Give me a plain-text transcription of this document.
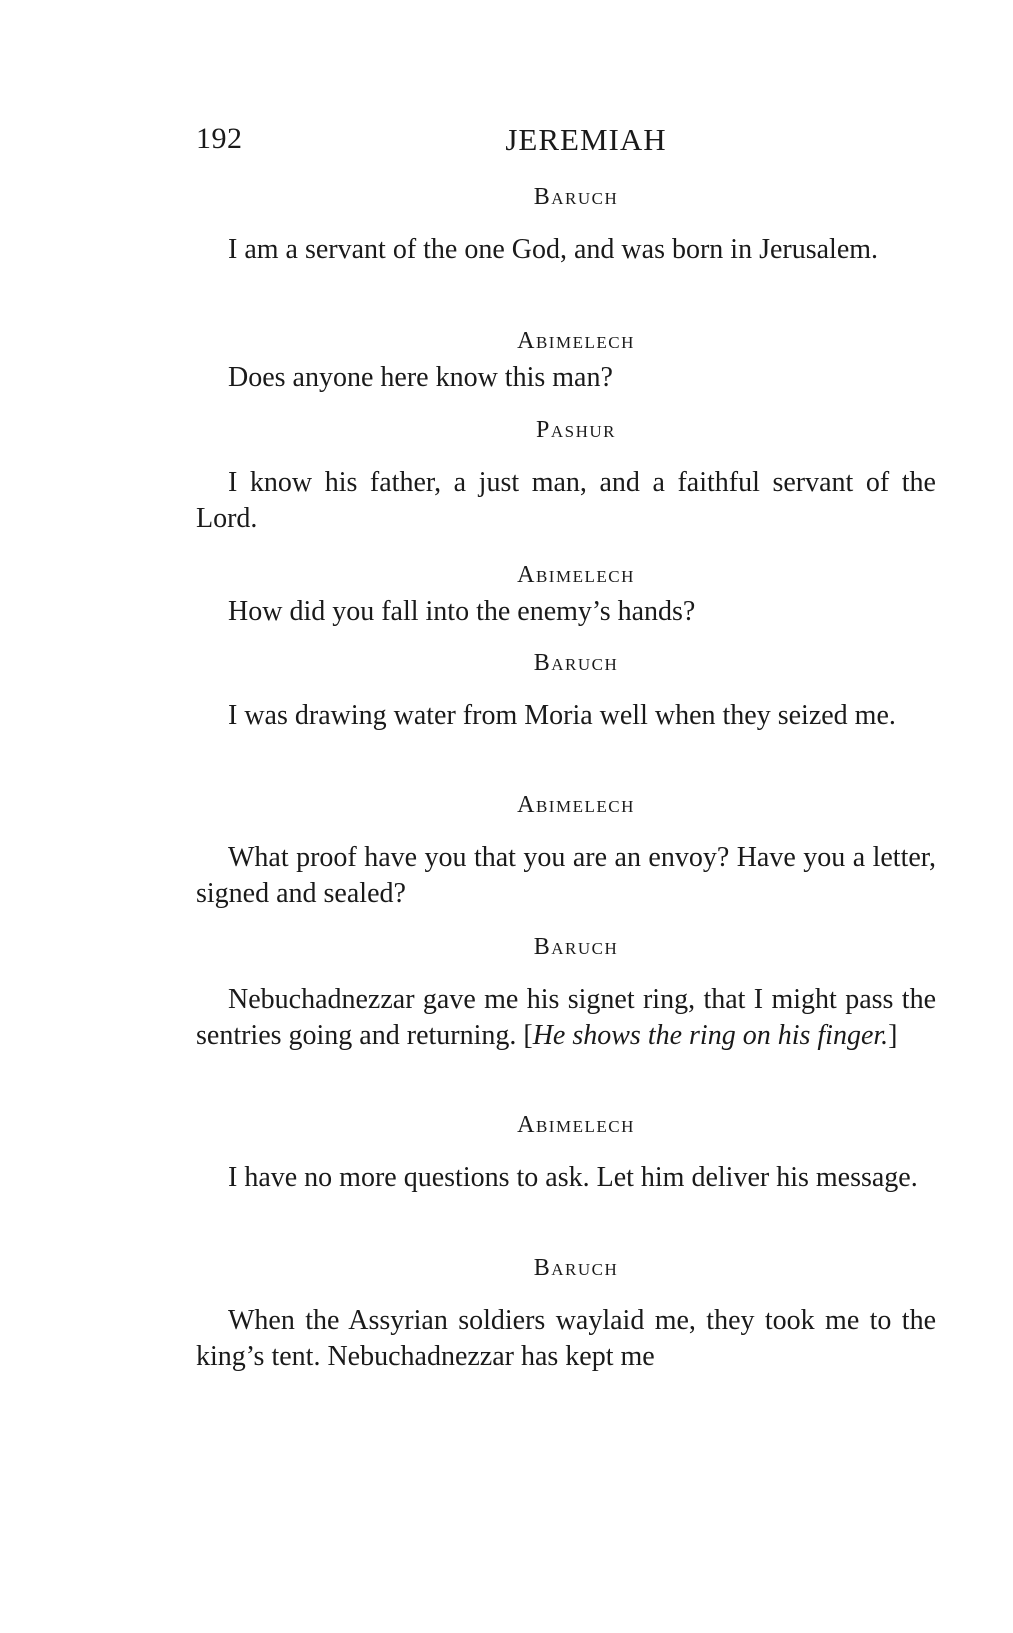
192	JEREMIAH

Baruch

I am a servant of the one God, and was born in Jerusalem.

Abimelech

Does anyone here know this man?

Pashur

I know his father, a just man, and a faithful servant of the Lord.

Abimelech

How did you fall into the enemy’s hands?

Baruch

I was drawing water from Moria well when they seized me.

Abimelech

What proof have you that you are an envoy? Have you a letter, signed and sealed?

Baruch

Nebuchadnezzar gave me his signet ring, that I might pass the sentries going and returning. [He shows the ring on his finger.]

Abimelech

I have no more questions to ask. Let him deliver his message.

Baruch

When the Assyrian soldiers waylaid me, they took me to the king’s tent. Nebuchadnezzar has kept me
